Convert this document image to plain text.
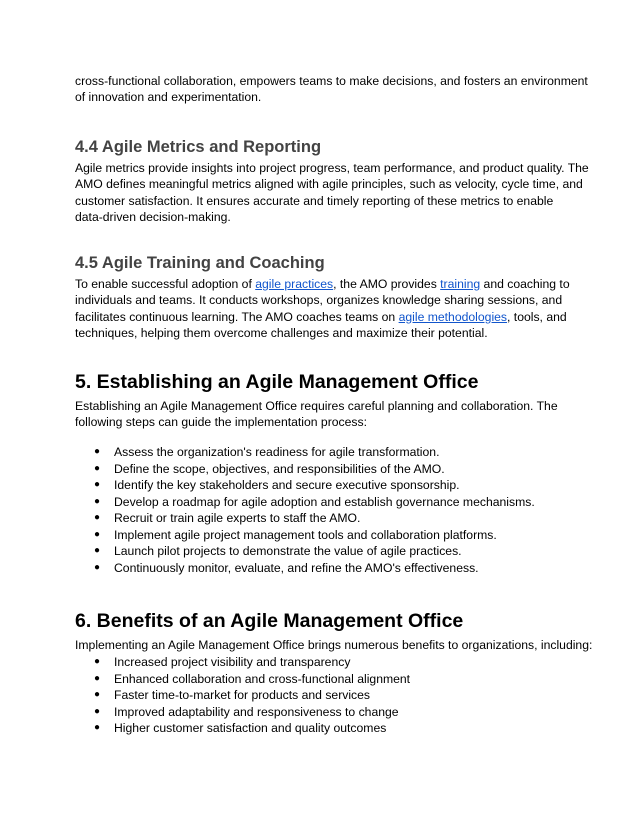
cross-functional collaboration, empowers teams to make decisions, and fosters an environment
of innovation and experimentation.

4.4 Agile Metrics and Reporting

Agile metrics provide insights into project progress, team performance, and product quality. The
AMO defines meaningful metrics aligned with agile principles, such as velocity, cycle time, and
customer satisfaction. It ensures accurate and timely reporting of these metrics to enable
data-driven decision-making.

4.5 Agile Training and Coaching

To enable successful adoption of agile practices, the AMO provides training and coaching to
individuals and teams. It conducts workshops, organizes knowledge sharing sessions, and
facilitates continuous learning. The AMO coaches teams on agile methodologies, tools, and
techniques, helping them overcome challenges and maximize their potential.

5. Establishing an Agile Management Office

Establishing an Agile Management Office requires careful planning and collaboration. The
following steps can guide the implementation process:

● Assess the organization's readiness for agile transformation.
● Define the scope, objectives, and responsibilities of the AMO.
● Identify the key stakeholders and secure executive sponsorship.
● Develop a roadmap for agile adoption and establish governance mechanisms.
● Recruit or train agile experts to staff the AMO.
● Implement agile project management tools and collaboration platforms.
● Launch pilot projects to demonstrate the value of agile practices.
● Continuously monitor, evaluate, and refine the AMO's effectiveness.
6. Benefits of an Agile Management Office

Implementing an Agile Management Office brings numerous benefits to organizations, including:

● Increased project visibility and transparency
● Enhanced collaboration and cross-functional alignment
● Faster time-to-market for products and services
● Improved adaptability and responsiveness to change
● Higher customer satisfaction and quality outcomes
